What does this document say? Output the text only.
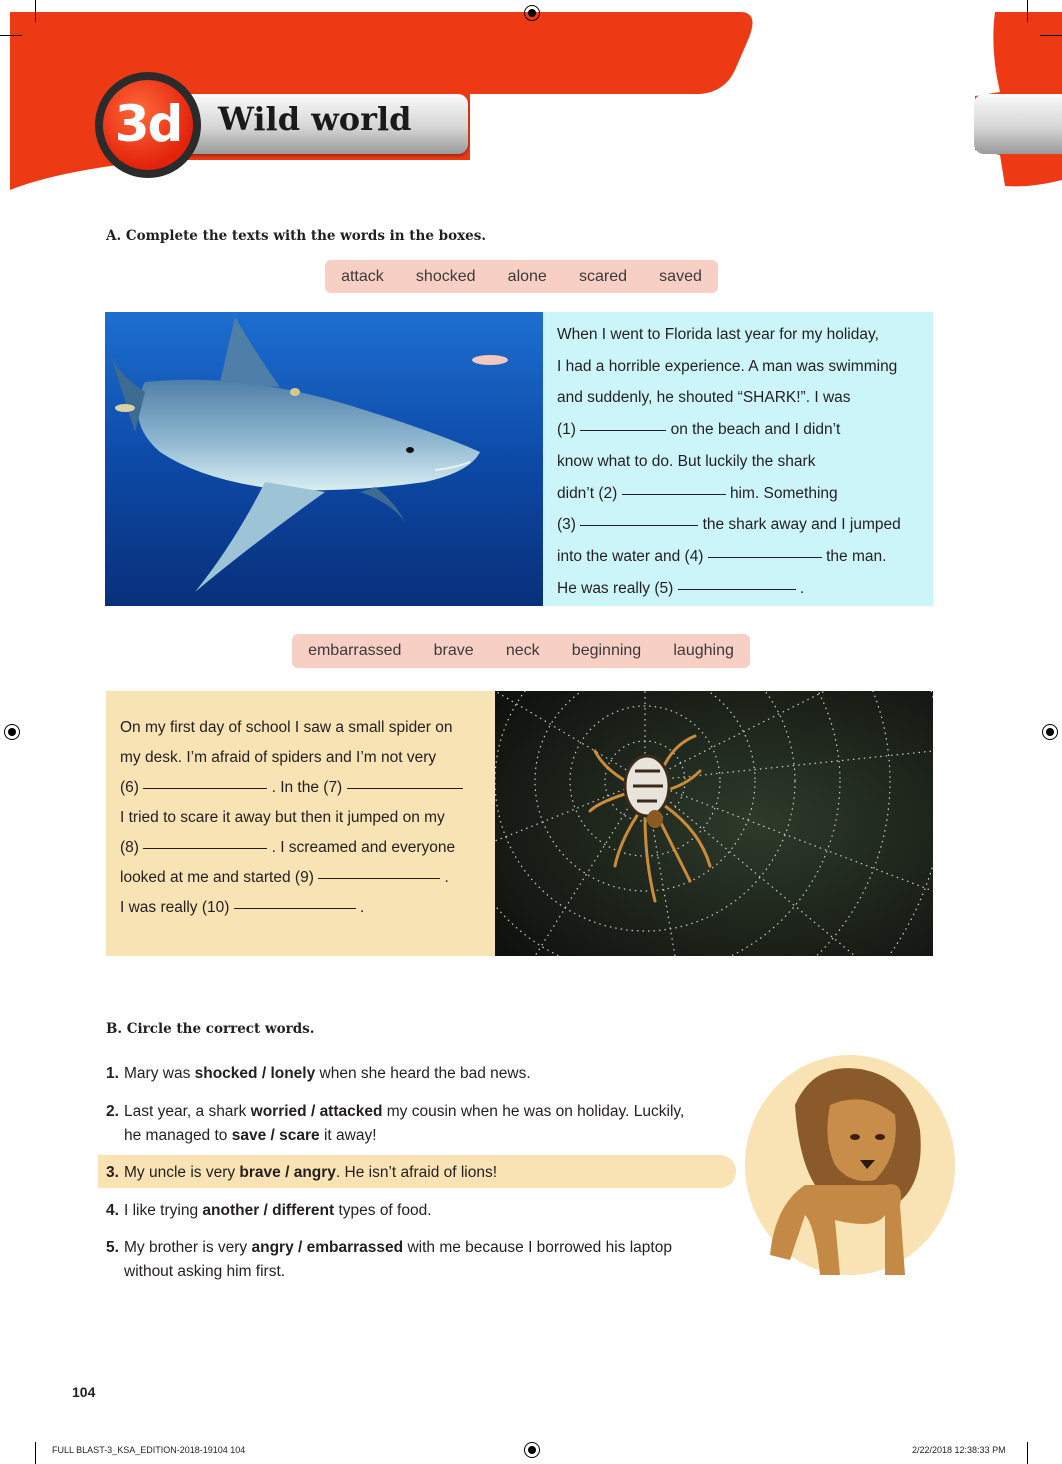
3d	Wild world
A. Complete the texts with the words in the boxes.
attack shocked alone scared saved
When I went to Florida last year for my holiday,
I had a horrible experience. A man was swimming
and suddenly, he shouted “SHARK!”. I was
(1)	on the beach and I didn’t
know what to do. But luckily the shark
didn’t (2)	him. Something
(3)	the shark away and I jumped
into the water and (4)	the man.
He was really (5)	.
embarrassed brave neck beginning laughing
On my first day of school I saw a small spider on
my desk. I’m afraid of spiders and I’m not very
(6)	. In the (7)
I tried to scare it away but then it jumped on my
(8)	. I screamed and everyone
looked at me and started (9)	.
I was really (10)	.
B. Circle the correct words.
1. Mary was shocked / lonely when she heard the bad news.
2. Last year, a shark worried / attacked my cousin when he was on holiday. Luckily,
he managed to save / scare it away!
3. My uncle is very brave / angry. He isn’t afraid of lions!
4. I like trying another / different types of food.
5. My brother is very angry / embarrassed with me because I borrowed his laptop
without asking him first.
104
FULL BLAST-3_KSA_EDITION-2018-19104 104	2/22/2018 12:38:33 PM
